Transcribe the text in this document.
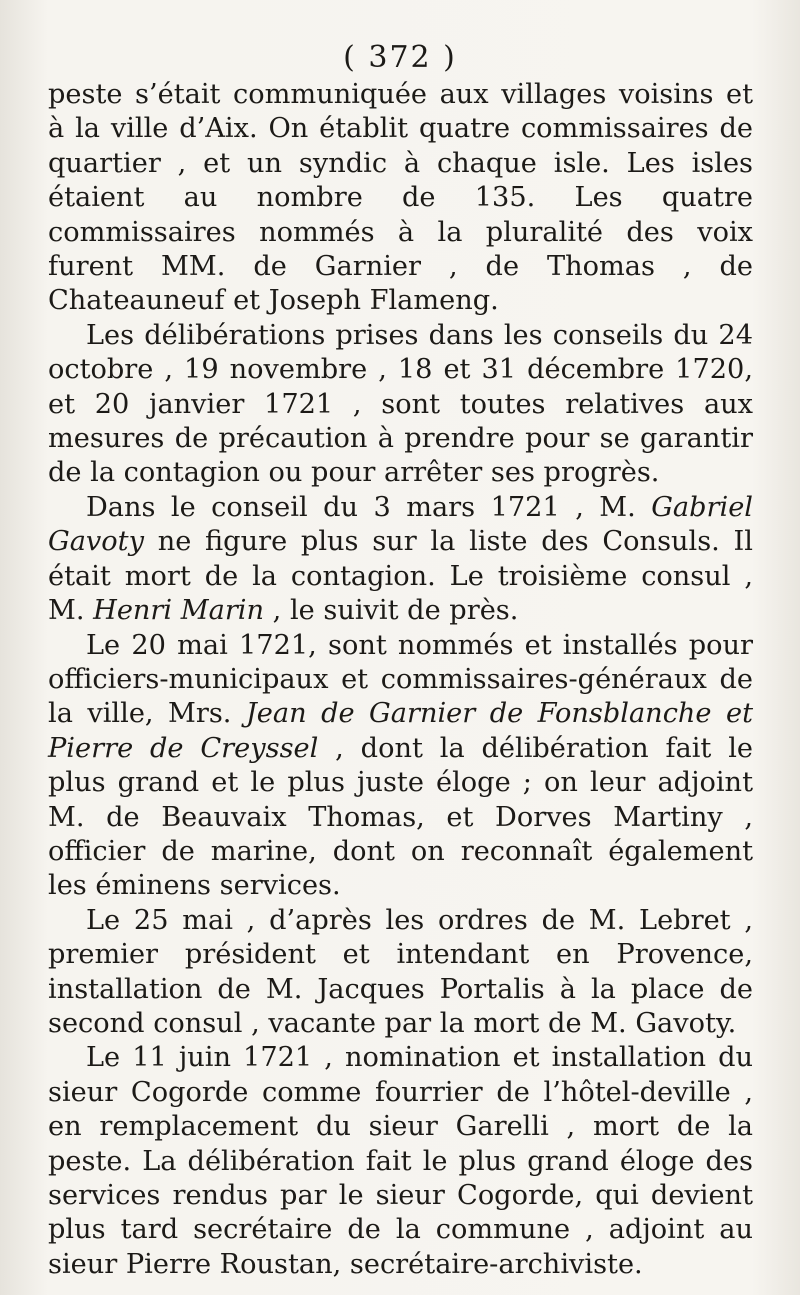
( 372 )

peste s’était communiquée aux villages voisins et à la ville d’Aix. On établit quatre commissaires de quartier , et un syndic à chaque isle. Les isles étaient au nombre de 135. Les quatre commissaires nommés à la pluralité des voix furent MM. de Garnier , de Thomas , de Chateauneuf et Joseph Flameng.

Les délibérations prises dans les conseils du 24 octobre , 19 novembre , 18 et 31 décembre 1720, et 20 janvier 1721 , sont toutes relatives aux mesures de précaution à prendre pour se garantir de la contagion ou pour arrêter ses progrès.

Dans le conseil du 3 mars 1721 , M. Gabriel Gavoty ne figure plus sur la liste des Consuls. Il était mort de la contagion. Le troisième consul , M. Henri Marin , le suivit de près.

Le 20 mai 1721, sont nommés et installés pour officiers-municipaux et commissaires-généraux de la ville, Mrs. Jean de Garnier de Fonsblanche et Pierre de Creyssel , dont la délibération fait le plus grand et le plus juste éloge ; on leur adjoint M. de Beauvaix Thomas, et Dorves Martiny , officier de marine, dont on reconnaît également les éminens services.

Le 25 mai , d’après les ordres de M. Lebret , premier président et intendant en Provence, installation de M. Jacques Portalis à la place de second consul , vacante par la mort de M. Gavoty.

Le 11 juin 1721 , nomination et installation du sieur Cogorde comme fourrier de l’hôtel-deville , en remplacement du sieur Garelli , mort de la peste. La délibération fait le plus grand éloge des services rendus par le sieur Cogorde, qui devient plus tard secrétaire de la commune , adjoint au sieur Pierre Roustan, secrétaire-archiviste.
